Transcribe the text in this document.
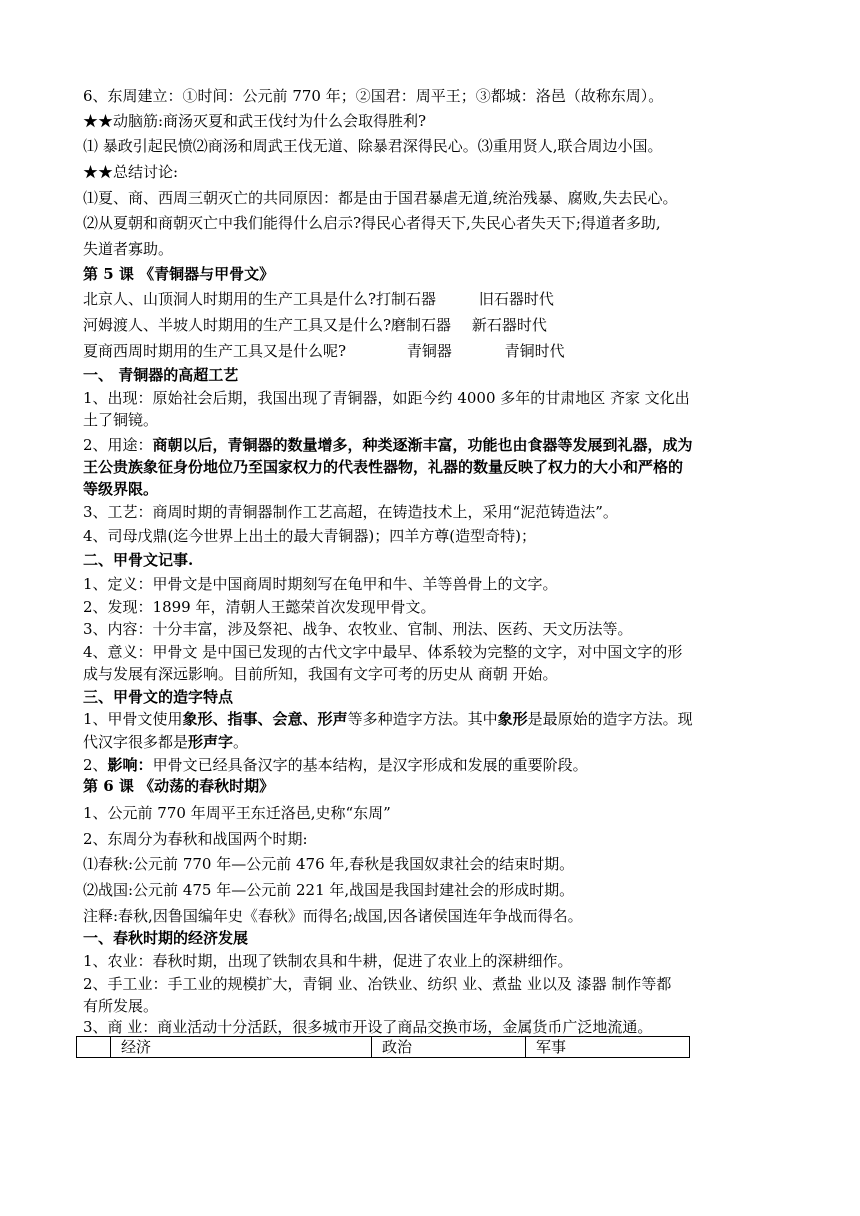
6、东周建立：①时间：公元前 770 年；②国君：周平王；③都城：洛邑（故称东周）。
★★动脑筋:商汤灭夏和武王伐纣为什么会取得胜利?
⑴ 暴政引起民愤⑵商汤和周武王伐无道、除暴君深得民心。⑶重用贤人,联合周边小国。
★★总结讨论:
⑴夏、商、西周三朝灭亡的共同原因：都是由于国君暴虐无道,统治残暴、腐败,失去民心。
⑵从夏朝和商朝灭亡中我们能得什么启示?得民心者得天下,失民心者失天下;得道者多助,
失道者寡助。
第 5 课 《青铜器与甲骨文》
北京人、山顶洞人时期用的生产工具是什么?打制石器	旧石器时代
河姆渡人、半坡人时期用的生产工具又是什么?磨制石器 新石器时代
夏商西周时期用的生产工具又是什么呢?	青铜器	青铜时代
一、 青铜器的高超工艺
1、出现：原始社会后期，我国出现了青铜器，如距今约 4000 多年的甘肃地区 齐家 文化出
土了铜镜。
2、用途：商朝以后，青铜器的数量增多，种类逐渐丰富，功能也由食器等发展到礼器，成为
王公贵族象征身份地位乃至国家权力的代表性器物，礼器的数量反映了权力的大小和严格的
等级界限。
3、工艺：商周时期的青铜器制作工艺高超，在铸造技术上，采用“泥范铸造法”。
4、司母戊鼎(迄今世界上出土的最大青铜器)；四羊方尊(造型奇特)；
二、甲骨文记事.
1、定义：甲骨文是中国商周时期刻写在龟甲和牛、羊等兽骨上的文字。
2、发现：1899 年，清朝人王懿荣首次发现甲骨文。
3、内容：十分丰富，涉及祭祀、战争、农牧业、官制、刑法、医药、天文历法等。
4、意义：甲骨文 是中国已发现的古代文字中最早、体系较为完整的文字，对中国文字的形
成与发展有深远影响。目前所知，我国有文字可考的历史从 商朝 开始。
三、甲骨文的造字特点
1、甲骨文使用象形、指事、会意、形声等多种造字方法。其中象形是最原始的造字方法。现
代汉字很多都是形声字。
2、影响：甲骨文已经具备汉字的基本结构，是汉字形成和发展的重要阶段。
第 6 课 《动荡的春秋时期》
1、公元前 770 年周平王东迁洛邑,史称“东周”
2、东周分为春秋和战国两个时期:
⑴春秋:公元前 770 年—公元前 476 年,春秋是我国奴隶社会的结束时期。
⑵战国:公元前 475 年—公元前 221 年,战国是我国封建社会的形成时期。
注释:春秋,因鲁国编年史《春秋》而得名;战国,因各诸侯国连年争战而得名。
一、春秋时期的经济发展
1、农业：春秋时期，出现了铁制农具和牛耕，促进了农业上的深耕细作。
2、手工业：手工业的规模扩大，青铜 业、冶铁业、纺织 业、煮盐 业以及 漆器 制作等都
有所发展。
3、商 业：商业活动十分活跃，很多城市开设了商品交换市场，金属货币广泛地流通。
	经济	政治	军事
